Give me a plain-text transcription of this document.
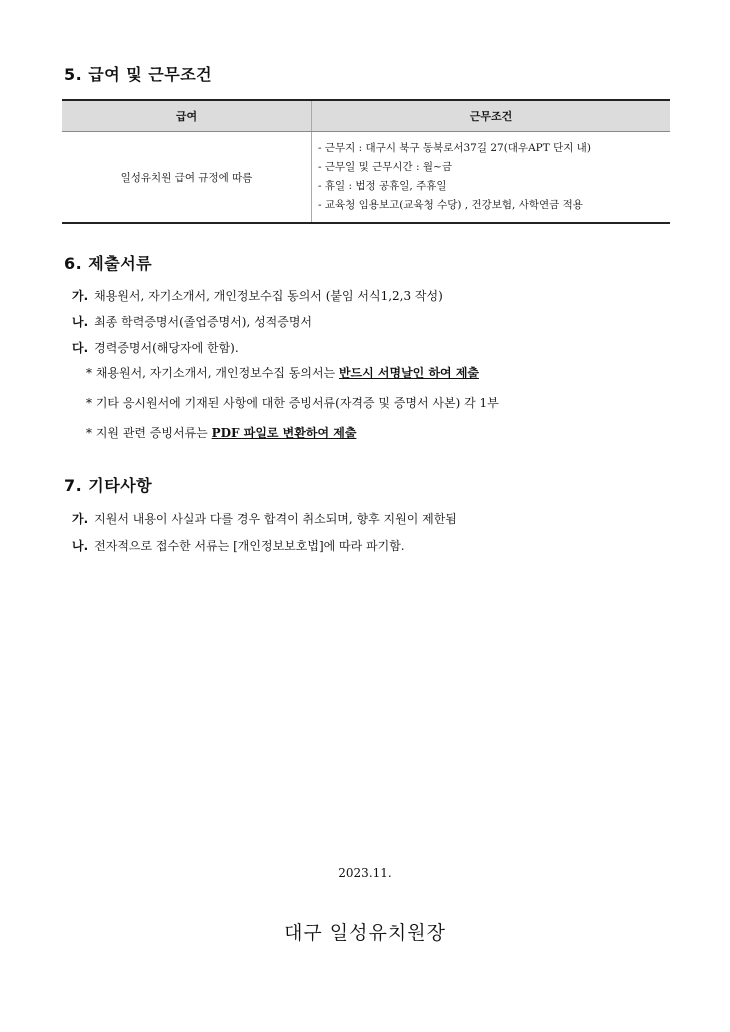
5. 급여 및 근무조건
급여	근무조건
일성유치원 급여 규정에 따름	- 근무지 : 대구시 북구 동북로서37길 27(대우APT 단지 내)
- 근무일 및 근무시간 : 월~금
- 휴일 : 법정 공휴일, 주휴일
- 교육청 임용보고(교육청 수당) , 건강보험, 사학연금 적용
6. 제출서류
가. 채용원서, 자기소개서, 개인정보수집 동의서 (붙임 서식1,2,3 작성)
나. 최종 학력증명서(졸업증명서), 성적증명서
다. 경력증명서(해당자에 한함).
* 채용원서, 자기소개서, 개인정보수집 동의서는 반드시 서명날인 하여 제출
* 기타 응시원서에 기재된 사항에 대한 증빙서류(자격증 및 증명서 사본) 각 1부
* 지원 관련 증빙서류는 PDF 파일로 변환하여 제출
7. 기타사항
가. 지원서 내용이 사실과 다를 경우 합격이 취소되며, 향후 지원이 제한됨
나. 전자적으로 접수한 서류는 [개인정보보호법]에 따라 파기함.
2023.11.
대구 일성유치원장
